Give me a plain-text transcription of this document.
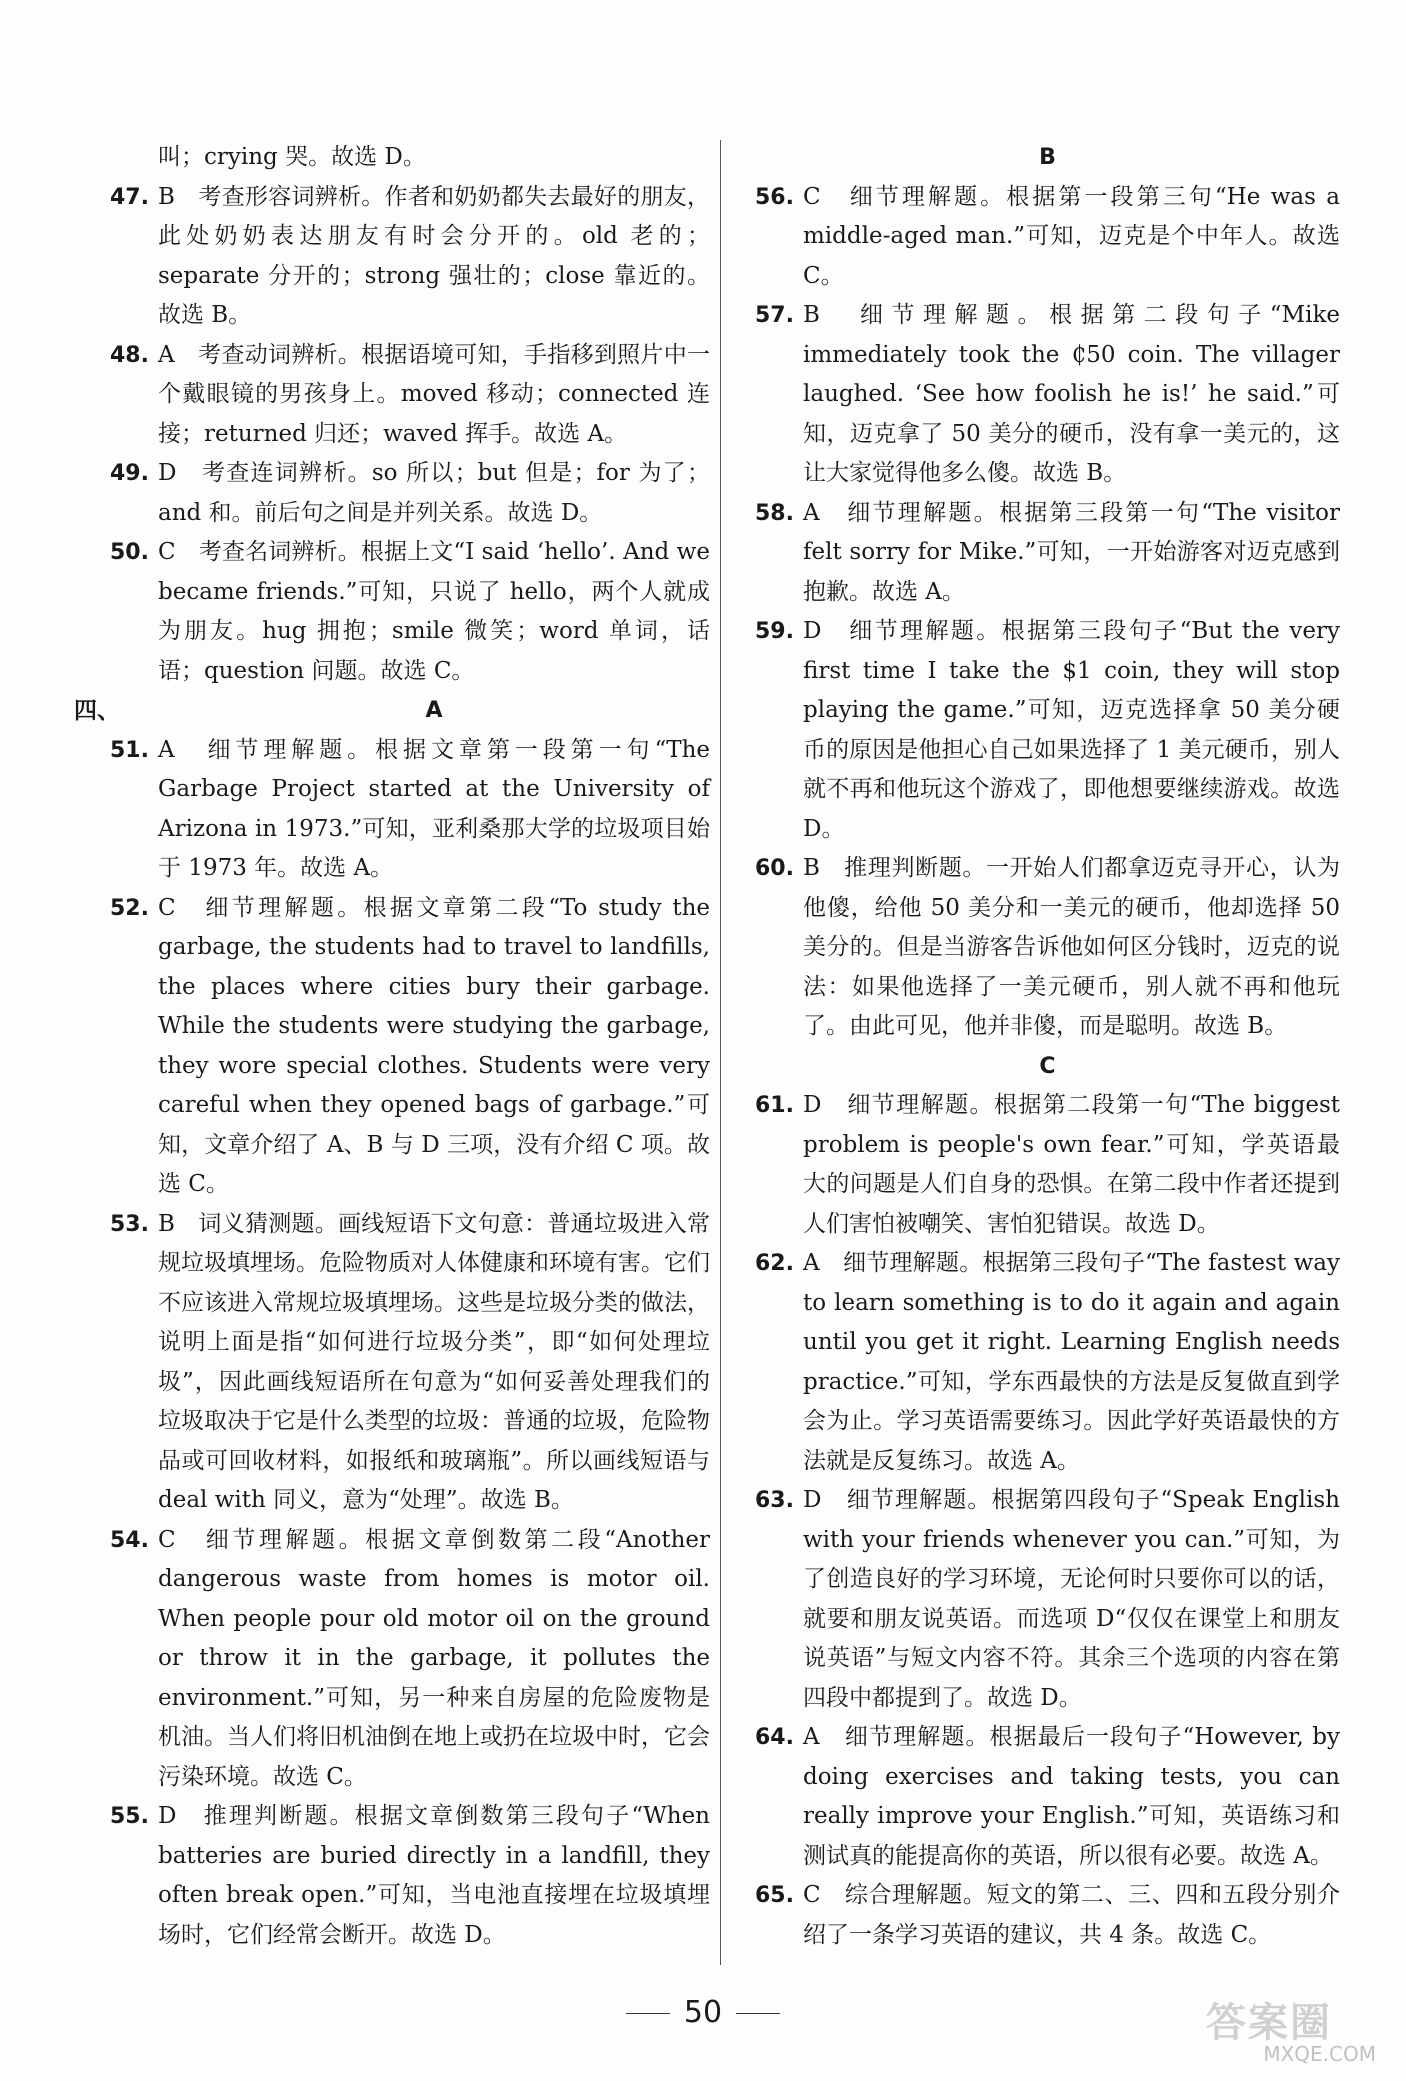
叫；crying 哭。故选 D。
47. B　考查形容词辨析。作者和奶奶都失去最好的朋友，此处奶奶表达朋友有时会分开的。old 老的；separate 分开的；strong 强壮的；close 靠近的。故选 B。
48. A　考查动词辨析。根据语境可知，手指移到照片中一个戴眼镜的男孩身上。moved 移动；connected 连接；returned 归还；waved 挥手。故选 A。
49. D　考查连词辨析。so 所以；but 但是；for 为了；and 和。前后句之间是并列关系。故选 D。
50. C　考查名词辨析。根据上文“I said ‘hello’. And we became friends.”可知，只说了 hello，两个人就成为朋友。hug 拥抱；smile 微笑；word 单词，话语；question 问题。故选 C。
四、	A
51. A　细节理解题。根据文章第一段第一句“The Garbage Project started at the University of Arizona in 1973.”可知，亚利桑那大学的垃圾项目始于 1973 年。故选 A。
52. C　细节理解题。根据文章第二段“To study the garbage, the students had to travel to landfills, the places where cities bury their garbage. While the students were studying the garbage, they wore special clothes. Students were very careful when they opened bags of garbage.”可知，文章介绍了 A、B 与 D 三项，没有介绍 C 项。故选 C。
53. B　词义猜测题。画线短语下文句意：普通垃圾进入常规垃圾填埋场。危险物质对人体健康和环境有害。它们不应该进入常规垃圾填埋场。这些是垃圾分类的做法，说明上面是指“如何进行垃圾分类”，即“如何处理垃圾”，因此画线短语所在句意为“如何妥善处理我们的垃圾取决于它是什么类型的垃圾：普通的垃圾，危险物品或可回收材料，如报纸和玻璃瓶”。所以画线短语与 deal with 同义，意为“处理”。故选 B。
54. C　细节理解题。根据文章倒数第二段“Another dangerous waste from homes is motor oil. When people pour old motor oil on the ground or throw it in the garbage, it pollutes the environment.”可知，另一种来自房屋的危险废物是机油。当人们将旧机油倒在地上或扔在垃圾中时，它会污染环境。故选 C。
55. D　推理判断题。根据文章倒数第三段句子“When batteries are buried directly in a landfill, they often break open.”可知，当电池直接埋在垃圾填埋场时，它们经常会断开。故选 D。
B
56. C　细节理解题。根据第一段第三句“He was a middle-aged man.”可知，迈克是个中年人。故选 C。
57. B　细节理解题。根据第二段句子“Mike immediately took the ₵50 coin. The villager laughed. ‘See how foolish he is!’ he said.”可知，迈克拿了 50 美分的硬币，没有拿一美元的，这让大家觉得他多么傻。故选 B。
58. A　细节理解题。根据第三段第一句“The visitor felt sorry for Mike.”可知，一开始游客对迈克感到抱歉。故选 A。
59. D　细节理解题。根据第三段句子“But the very first time I take the $1 coin, they will stop playing the game.”可知，迈克选择拿 50 美分硬币的原因是他担心自己如果选择了 1 美元硬币，别人就不再和他玩这个游戏了，即他想要继续游戏。故选 D。
60. B　推理判断题。一开始人们都拿迈克寻开心，认为他傻，给他 50 美分和一美元的硬币，他却选择 50 美分的。但是当游客告诉他如何区分钱时，迈克的说法：如果他选择了一美元硬币，别人就不再和他玩了。由此可见，他并非傻，而是聪明。故选 B。
C
61. D　细节理解题。根据第二段第一句“The biggest problem is people's own fear.”可知，学英语最大的问题是人们自身的恐惧。在第二段中作者还提到人们害怕被嘲笑、害怕犯错误。故选 D。
62. A　细节理解题。根据第三段句子“The fastest way to learn something is to do it again and again until you get it right. Learning English needs practice.”可知，学东西最快的方法是反复做直到学会为止。学习英语需要练习。因此学好英语最快的方法就是反复练习。故选 A。
63. D　细节理解题。根据第四段句子“Speak English with your friends whenever you can.”可知，为了创造良好的学习环境，无论何时只要你可以的话，就要和朋友说英语。而选项 D“仅仅在课堂上和朋友说英语”与短文内容不符。其余三个选项的内容在第四段中都提到了。故选 D。
64. A　细节理解题。根据最后一段句子“However, by doing exercises and taking tests, you can really improve your English.”可知，英语练习和测试真的能提高你的英语，所以很有必要。故选 A。
65. C　综合理解题。短文的第二、三、四和五段分别介绍了一条学习英语的建议，共 4 条。故选 C。
50	答案圈
MXQE.COM
